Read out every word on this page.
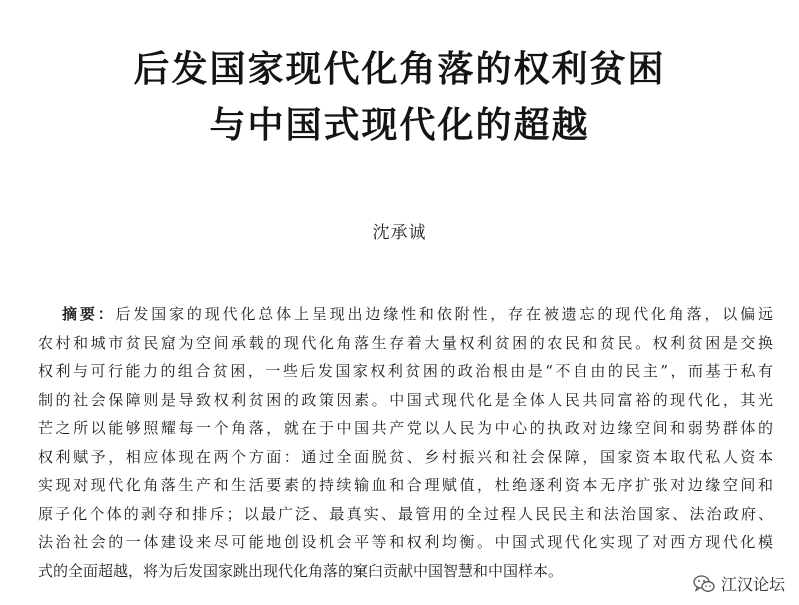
后发国家现代化角落的权利贫困
与中国式现代化的超越
沈承诚
摘要：后发国家的现代化总体上呈现出边缘性和依附性，存在被遗忘的现代化角落，以偏远
农村和城市贫民窟为空间承载的现代化角落生存着大量权利贫困的农民和贫民。权利贫困是交换
权利与可行能力的组合贫困，一些后发国家权利贫困的政治根由是“不自由的民主”，而基于私有
制的社会保障则是导致权利贫困的政策因素。中国式现代化是全体人民共同富裕的现代化，其光
芒之所以能够照耀每一个角落，就在于中国共产党以人民为中心的执政对边缘空间和弱势群体的
权利赋予，相应体现在两个方面：通过全面脱贫、乡村振兴和社会保障，国家资本取代私人资本
实现对现代化角落生产和生活要素的持续输血和合理赋值，杜绝逐利资本无序扩张对边缘空间和
原子化个体的剥夺和排斥；以最广泛、最真实、最管用的全过程人民民主和法治国家、法治政府、
法治社会的一体建设来尽可能地创设机会平等和权利均衡。中国式现代化实现了对西方现代化模
式的全面超越，将为后发国家跳出现代化角落的窠臼贡献中国智慧和中国样本。
江汉论坛
